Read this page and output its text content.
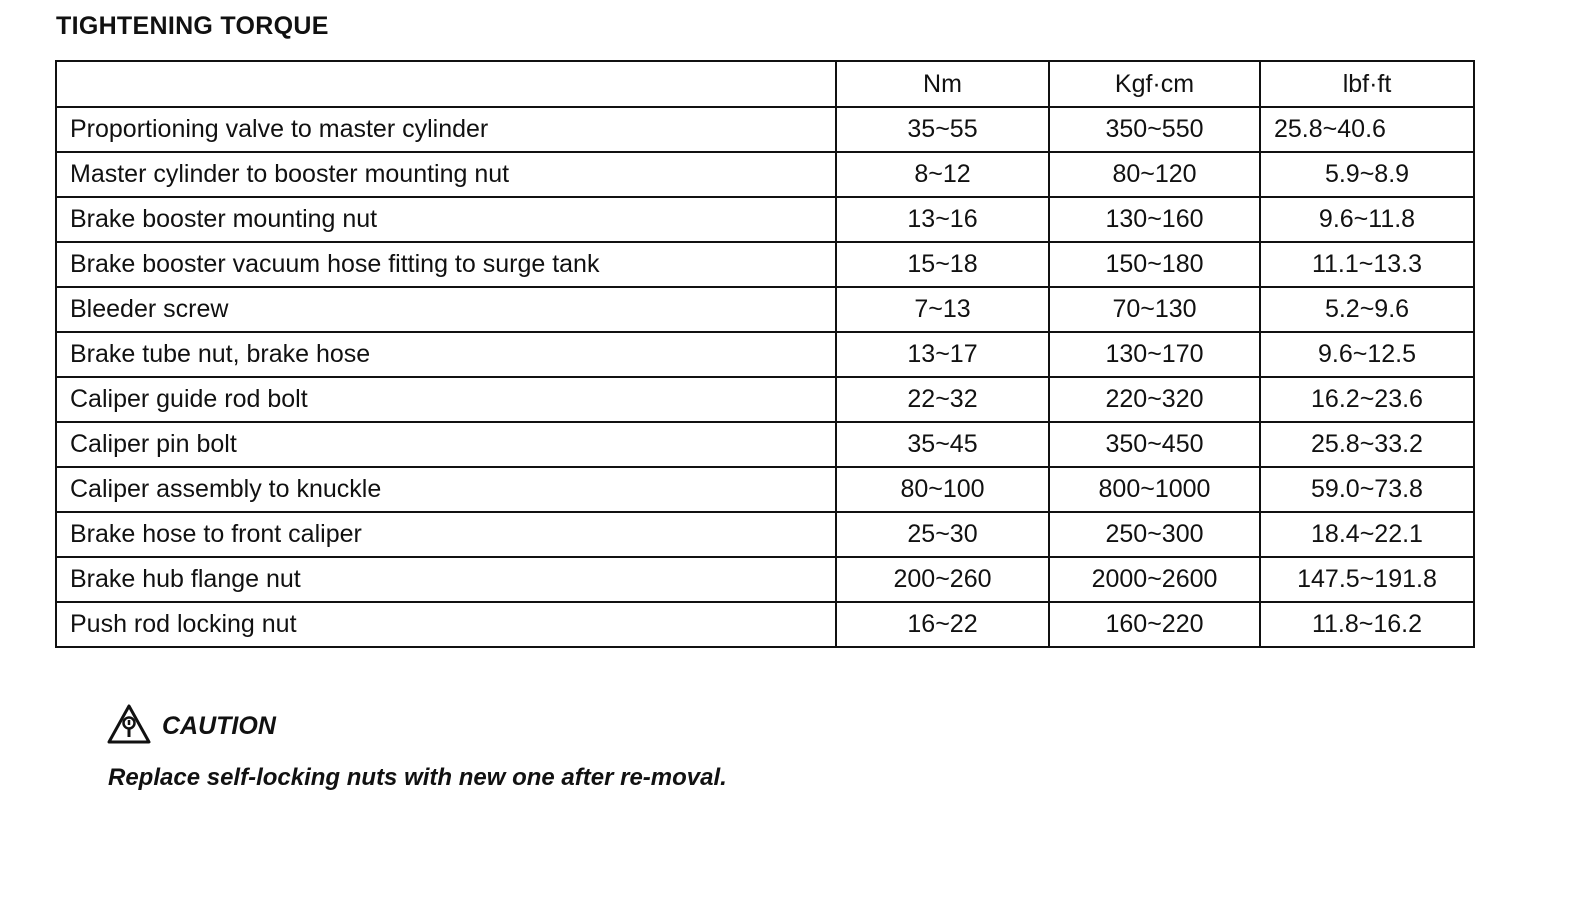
TIGHTENING TORQUE
	Nm	Kgf·cm	lbf·ft
Proportioning valve to master cylinder	35~55	350~550	25.8~40.6
Master cylinder to booster mounting nut	8~12	80~120	5.9~8.9
Brake booster mounting nut	13~16	130~160	9.6~11.8
Brake booster vacuum hose fitting to surge tank	15~18	150~180	11.1~13.3
Bleeder screw	7~13	70~130	5.2~9.6
Brake tube nut, brake hose	13~17	130~170	9.6~12.5
Caliper guide rod bolt	22~32	220~320	16.2~23.6
Caliper pin bolt	35~45	350~450	25.8~33.2
Caliper assembly to knuckle	80~100	800~1000	59.0~73.8
Brake hose to front caliper	25~30	250~300	18.4~22.1
Brake hub flange nut	200~260	2000~2600	147.5~191.8
Push rod locking nut	16~22	160~220	11.8~16.2
CAUTION

Replace self-locking nuts with new one after re-moval.
